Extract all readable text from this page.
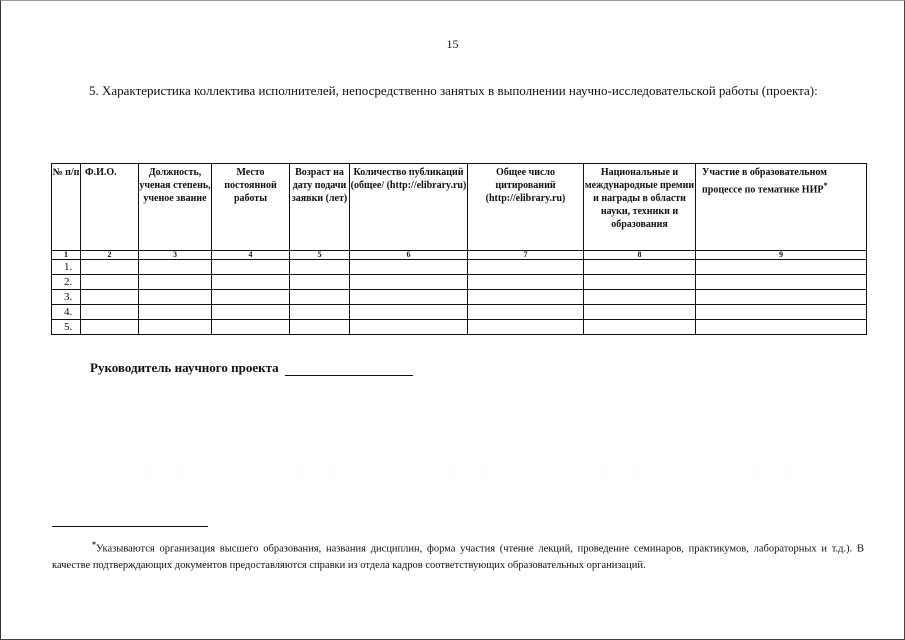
15
5. Характеристика коллектива исполнителей, непосредственно занятых в выполнении научно-исследовательской работы (проекта):
№ п/п	Ф.И.О.	Должность, ученая степень, ученое звание	Место постоянной работы	Возраст на дату подачи заявки (лет)	Количество публикаций (общее/ (http://elibrary.ru)	Общее число цитирований (http://elibrary.ru)	Национальные и международные премии и награды в области науки, техники и образования	Участие в образовательном процессе по тематике НИР*
1	2	3	4	5	6	7	8	9
1.								
2.								
3.								
4.								
5.								
Руководитель научного проекта
*Указываются организация высшего образования, названия дисциплин, форма участия (чтение лекций, проведение семинаров, практикумов, лабораторных и т.д.). В качестве подтверждающих документов предоставляются справки из отдела кадров соответствующих образовательных организаций.
